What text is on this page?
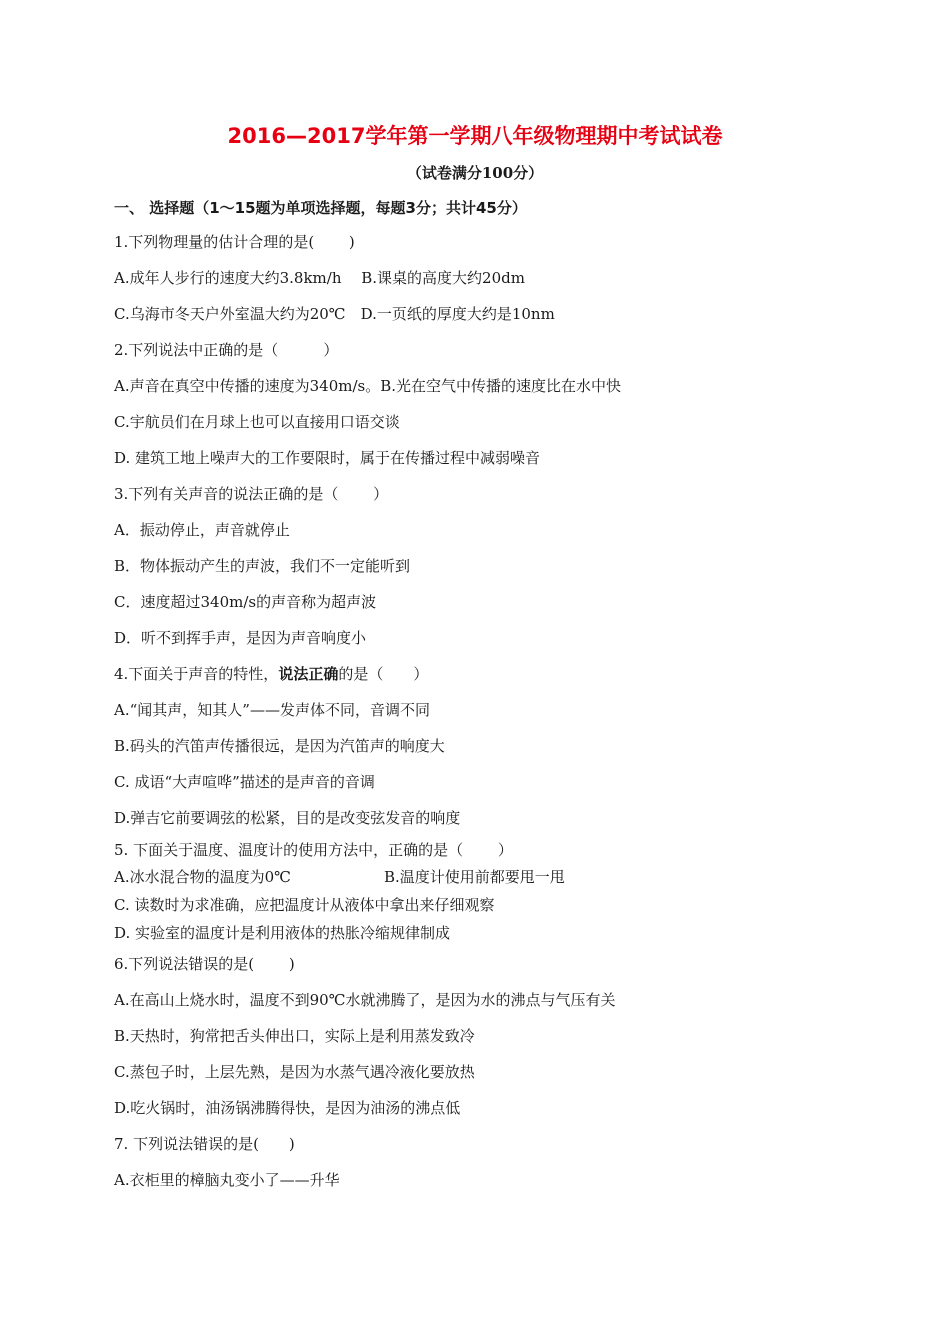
2016—2017学年第一学期八年级物理期中考试试卷
（试卷满分100分）
一、 选择题（1～15题为单项选择题，每题3分；共计45分）
1.下列物理量的估计合理的是(　　 )
A.成年人步行的速度大约3.8km/h　 B.课桌的高度大约20dm
C.乌海市冬天户外室温大约为20℃　D.一页纸的厚度大约是10nm
2.下列说法中正确的是（　　　）
A.声音在真空中传播的速度为340m/s。B.光在空气中传播的速度比在水中快
C.宇航员们在月球上也可以直接用口语交谈
D. 建筑工地上噪声大的工作要限时，属于在传播过程中减弱噪音
3.下列有关声音的说法正确的是（　　 ）
A．振动停止，声音就停止
B．物体振动产生的声波，我们不一定能听到
C．速度超过340m/s的声音称为超声波
D．听不到挥手声，是因为声音响度小
4.下面关于声音的特性，说法正确的是（　　）
A.“闻其声，知其人”——发声体不同，音调不同
B.码头的汽笛声传播很远，是因为汽笛声的响度大
C. 成语“大声喧哗”描述的是声音的音调
D.弹吉它前要调弦的松紧，目的是改变弦发音的响度
5. 下面关于温度、温度计的使用方法中，正确的是（　　 ）
A.冰水混合物的温度为0℃	B.温度计使用前都要甩一甩
C. 读数时为求准确，应把温度计从液体中拿出来仔细观察
D. 实验室的温度计是利用液体的热胀冷缩规律制成
6.下列说法错误的是(　　 )
A.在高山上烧水时，温度不到90℃水就沸腾了，是因为水的沸点与气压有关
B.天热时，狗常把舌头伸出口，实际上是利用蒸发致冷
C.蒸包子时，上层先熟，是因为水蒸气遇冷液化要放热
D.吃火锅时，油汤锅沸腾得快，是因为油汤的沸点低
7. 下列说法错误的是(　　)
A.衣柜里的樟脑丸变小了——升华
